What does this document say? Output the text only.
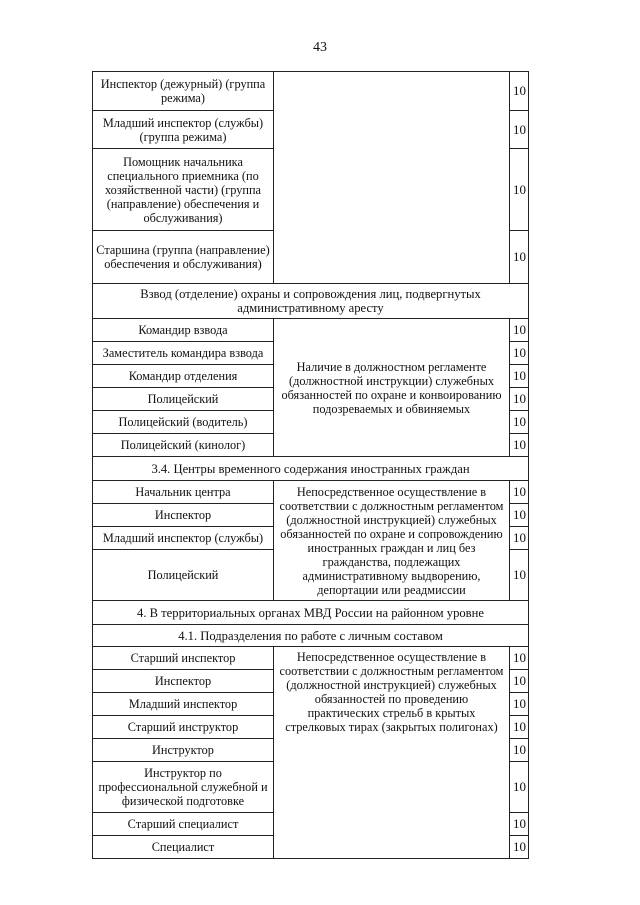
43
Инспектор (дежурный) (группа режима)		10
Младший инспектор (службы) (группа режима)		10
Помощник начальника специального приемника (по хозяйственной части) (группа (направление) обеспечения и обслуживания)		10
Старшина (группа (направление) обеспечения и обслуживания)		10
Взвод (отделение) охраны и сопровождения лиц, подвергнутых административному аресту		
Командир взвода	Наличие в должностном регламенте (должностной инструкции) служебных обязанностей по охране и конвоированию подозреваемых и обвиняемых	10
Заместитель командира взвода		10
Командир отделения		10
Полицейский		10
Полицейский (водитель)		10
Полицейский (кинолог)		10
3.4. Центры временного содержания иностранных граждан		
Начальник центра	Непосредственное осуществление в соответствии с должностным регламентом (должностной инструкцией) служебных обязанностей по охране и сопровождению иностранных граждан и лиц без гражданства, подлежащих административному выдворению, депортации или реадмиссии	10
Инспектор		10
Младший инспектор (службы)		10
Полицейский		10
4. В территориальных органах МВД России на районном уровне		
4.1. Подразделения по работе с личным составом		
Старший инспектор	Непосредственное осуществление в соответствии с должностным регламентом (должностной инструкцией) служебных обязанностей по проведению практических стрельб в крытых стрелковых тирах (закрытых полигонах)	10
Инспектор		10
Младший инспектор		10
Старший инструктор		10
Инструктор		10
Инструктор по профессиональной служебной и физической подготовке		10
Старший специалист		10
Специалист		10
